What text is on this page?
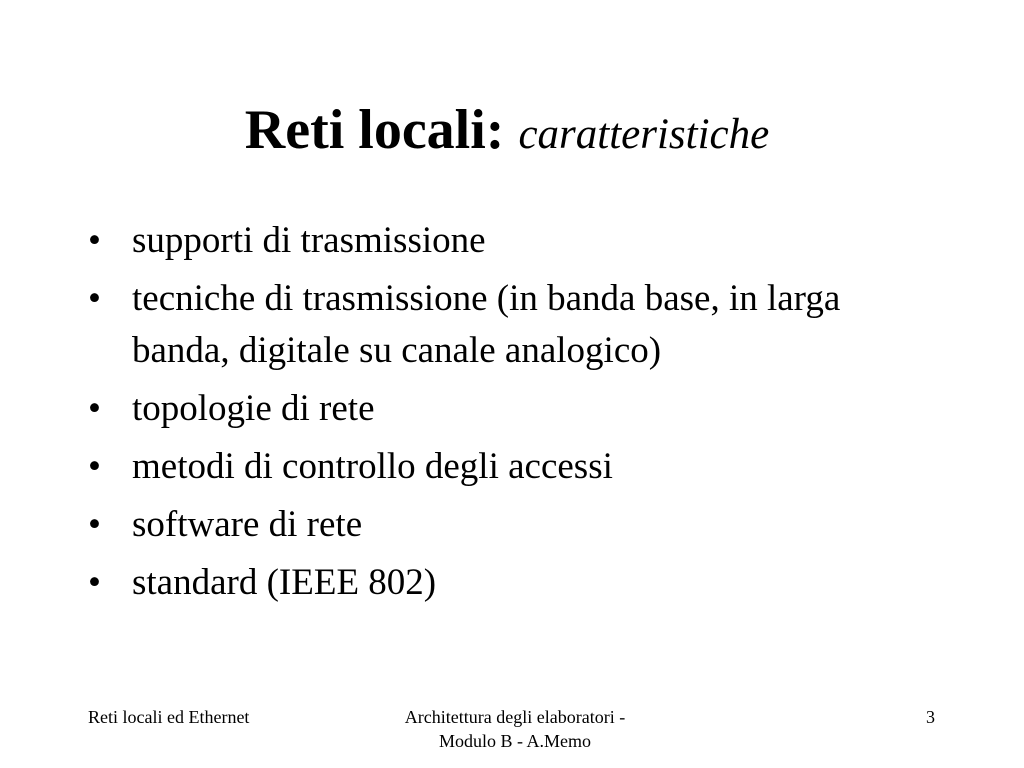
Reti locali: caratteristiche
• supporti di trasmissione
• tecniche di trasmissione (in banda base, in larga banda, digitale su canale analogico)
• topologie di rete
• metodi di controllo degli accessi
• software di rete
• standard (IEEE 802)
Reti locali ed Ethernet	Architettura degli elaboratori -
Modulo B - A.Memo
3
